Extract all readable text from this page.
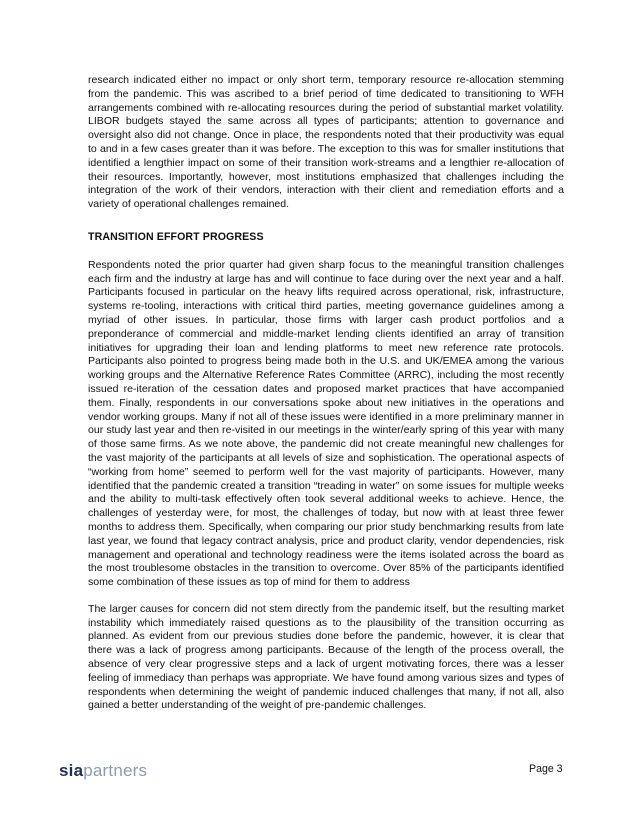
research indicated either no impact or only short term, temporary resource re-allocation stemming from the pandemic. This was ascribed to a brief period of time dedicated to transitioning to WFH arrangements combined with re-allocating resources during the period of substantial market volatility. LIBOR budgets stayed the same across all types of participants; attention to governance and oversight also did not change. Once in place, the respondents noted that their productivity was equal to and in a few cases greater than it was before. The exception to this was for smaller institutions that identified a lengthier impact on some of their transition work-streams and a lengthier re-allocation of their resources. Importantly, however, most institutions emphasized that challenges including the integration of the work of their vendors, interaction with their client and remediation efforts and a variety of operational challenges remained.

TRANSITION EFFORT PROGRESS

Respondents noted the prior quarter had given sharp focus to the meaningful transition challenges each firm and the industry at large has and will continue to face during over the next year and a half. Participants focused in particular on the heavy lifts required across operational, risk, infrastructure, systems re-tooling, interactions with critical third parties, meeting governance guidelines among a myriad of other issues. In particular, those firms with larger cash product portfolios and a preponderance of commercial and middle-market lending clients identified an array of transition initiatives for upgrading their loan and lending platforms to meet new reference rate protocols. Participants also pointed to progress being made both in the U.S. and UK/EMEA among the various working groups and the Alternative Reference Rates Committee (ARRC), including the most recently issued re-iteration of the cessation dates and proposed market practices that have accompanied them. Finally, respondents in our conversations spoke about new initiatives in the operations and vendor working groups. Many if not all of these issues were identified in a more preliminary manner in our study last year and then re-visited in our meetings in the winter/early spring of this year with many of those same firms. As we note above, the pandemic did not create meaningful new challenges for the vast majority of the participants at all levels of size and sophistication. The operational aspects of “working from home” seemed to perform well for the vast majority of participants. However, many identified that the pandemic created a transition “treading in water” on some issues for multiple weeks and the ability to multi-task effectively often took several additional weeks to achieve. Hence, the challenges of yesterday were, for most, the challenges of today, but now with at least three fewer months to address them. Specifically, when comparing our prior study benchmarking results from late last year, we found that legacy contract analysis, price and product clarity, vendor dependencies, risk management and operational and technology readiness were the items isolated across the board as the most troublesome obstacles in the transition to overcome. Over 85% of the participants identified some combination of these issues as top of mind for them to address

The larger causes for concern did not stem directly from the pandemic itself, but the resulting market instability which immediately raised questions as to the plausibility of the transition occurring as planned. As evident from our previous studies done before the pandemic, however, it is clear that there was a lack of progress among participants. Because of the length of the process overall, the absence of very clear progressive steps and a lack of urgent motivating forces, there was a lesser feeling of immediacy than perhaps was appropriate. We have found among various sizes and types of respondents when determining the weight of pandemic induced challenges that many, if not all, also gained a better understanding of the weight of pre-pandemic challenges.

siapartners	Page 3
